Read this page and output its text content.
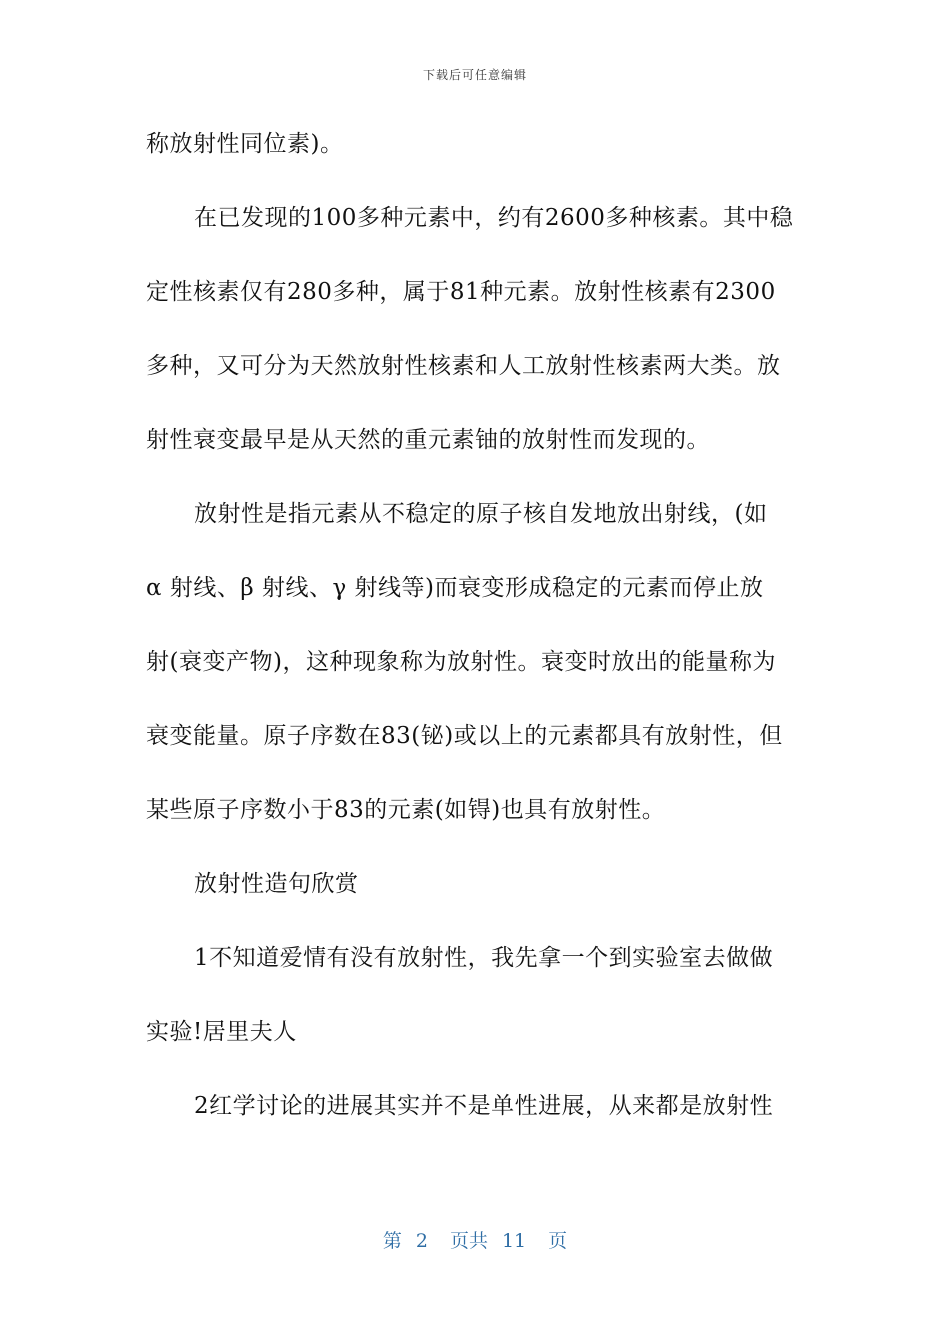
下载后可任意编辑
称放射性同位素)。
在已发现的100多种元素中，约有2600多种核素。其中稳
定性核素仅有280多种，属于81种元素。放射性核素有2300
多种，又可分为天然放射性核素和人工放射性核素两大类。放
射性衰变最早是从天然的重元素铀的放射性而发现的。
放射性是指元素从不稳定的原子核自发地放出射线，(如
α 射线、β 射线、γ 射线等)而衰变形成稳定的元素而停止放
射(衰变产物)，这种现象称为放射性。衰变时放出的能量称为
衰变能量。原子序数在83(铋)或以上的元素都具有放射性，但
某些原子序数小于83的元素(如锝)也具有放射性。
放射性造句欣赏
1不知道爱情有没有放射性，我先拿一个到实验室去做做
实验!居里夫人
2红学讨论的进展其实并不是单性进展，从来都是放射性
第 2 页共 11 页
